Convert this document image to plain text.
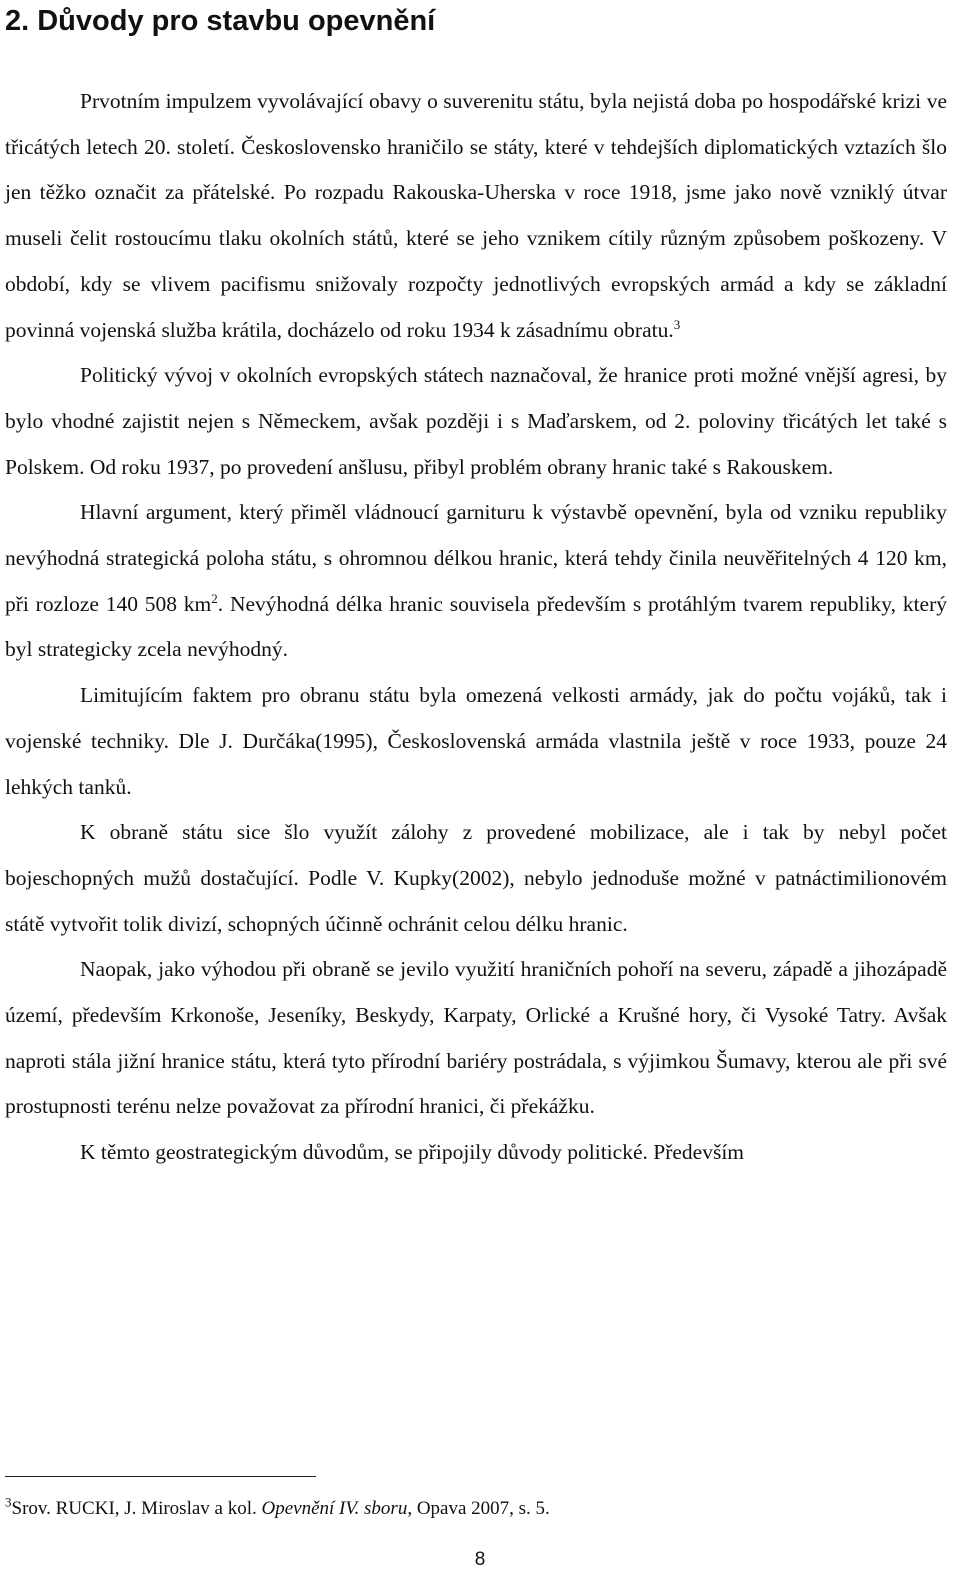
2. Důvody pro stavbu opevnění

Prvotním impulzem vyvolávající obavy o suverenitu státu, byla nejistá doba po hospodářské krizi ve třicátých letech 20. století. Československo hraničilo se státy, které v tehdejších diplomatických vztazích šlo jen těžko označit za přátelské. Po rozpadu Rakouska-Uherska v roce 1918, jsme jako nově vzniklý útvar museli čelit rostoucímu tlaku okolních států, které se jeho vznikem cítily různým způsobem poškozeny. V období, kdy se vlivem pacifismu snižovaly rozpočty jednotlivých evropských armád a kdy se základní povinná vojenská služba krátila, docházelo od roku 1934 k zásadnímu obratu.$^3$

Politický vývoj v okolních evropských státech naznačoval, že hranice proti možné vnější agresi, by bylo vhodné zajistit nejen s Německem, avšak později i s Maďarskem, od 2. poloviny třicátých let také s Polskem. Od roku 1937, po provedení anšlusu, přibyl problém obrany hranic také s Rakouskem.

Hlavní argument, který přiměl vládnoucí garnituru k výstavbě opevnění, byla od vzniku republiky nevýhodná strategická poloha státu, s ohromnou délkou hranic, která tehdy činila neuvěřitelných 4 120 km, při rozloze 140 508 $km^2$. Nevýhodná délka hranic souvisela především s protáhlým tvarem republiky, který byl strategicky zcela nevýhodný.

Limitujícím faktem pro obranu státu byla omezená velkosti armády, jak do počtu vojáků, tak i vojenské techniky. Dle J. Durčáka(1995), Československá armáda vlastnila ještě v roce 1933, pouze 24 lehkých tanků.

K obraně státu sice šlo využít zálohy z provedené mobilizace, ale i tak by nebyl počet bojeschopných mužů dostačující. Podle V. Kupky(2002), nebylo jednoduše možné v patnáctimilionovém státě vytvořit tolik divizí, schopných účinně ochránit celou délku hranic.

Naopak, jako výhodou při obraně se jevilo využití hraničních pohoří na severu, západě a jihozápadě území, především Krkonoše, Jeseníky, Beskydy, Karpaty, Orlické a Krušné hory, či Vysoké Tatry. Avšak naproti stála jižní hranice státu, která tyto přírodní bariéry postrádala, s výjimkou Šumavy, kterou ale při své prostupnosti terénu nelze považovat za přírodní hranici, či překážku.

K těmto geostrategickým důvodům, se připojily důvody politické. Především

$^3$Srov. RUCKI, J. Miroslav a kol. Opevnění IV. sboru, Opava 2007, s. 5.
8
